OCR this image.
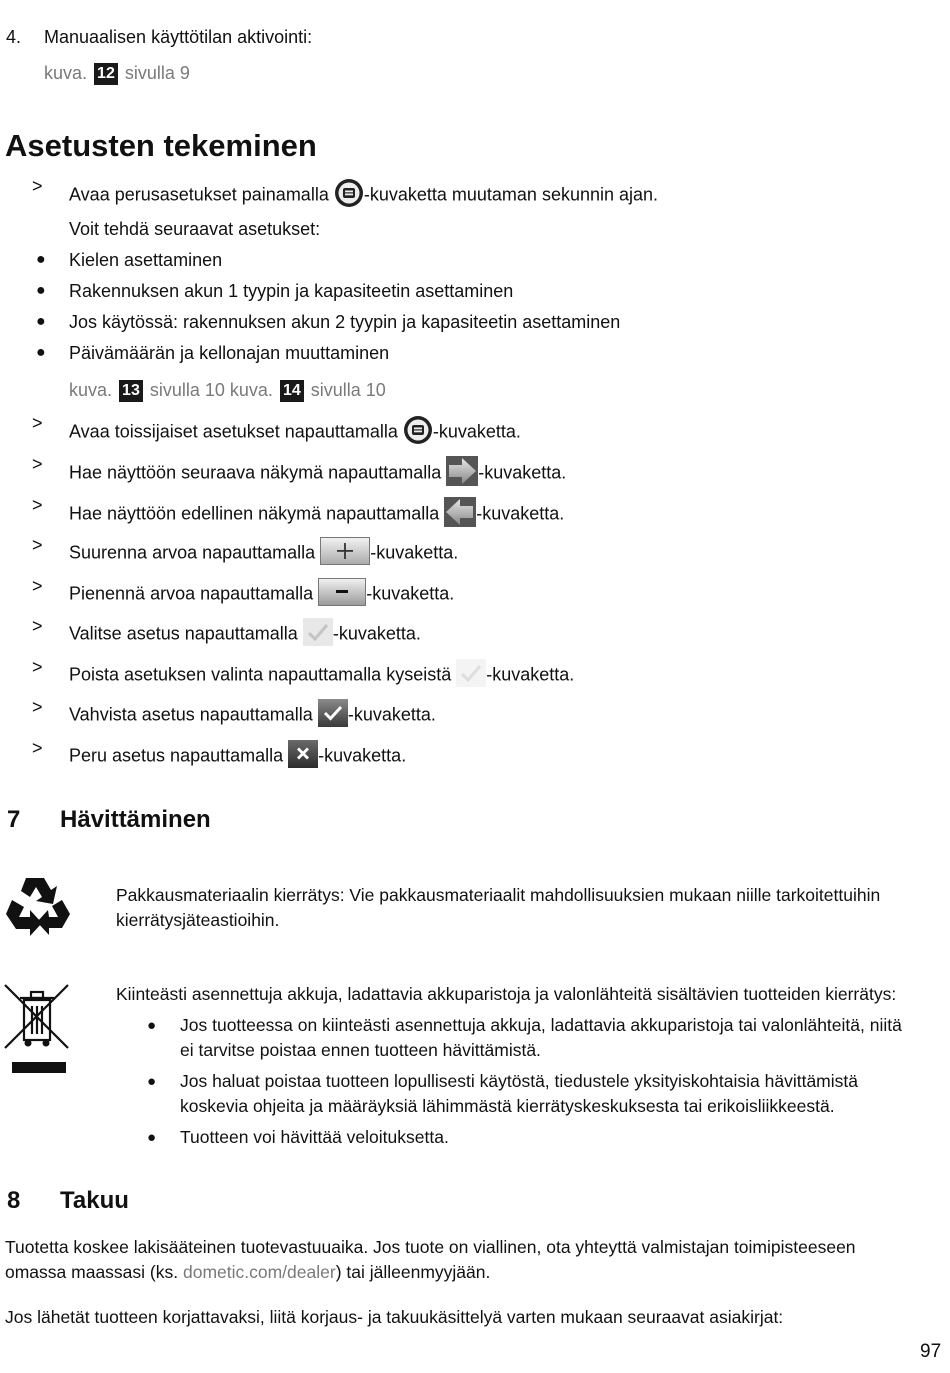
4. Manuaalisen käyttötilan aktivointi:
kuva. 12 sivulla 9
Asetusten tekeminen
> Avaa perusasetukset painamalla -kuvaketta muutaman sekunnin ajan.
Voit tehdä seuraavat asetukset:
● Kielen asettaminen
● Rakennuksen akun 1 tyypin ja kapasiteetin asettaminen
● Jos käytössä: rakennuksen akun 2 tyypin ja kapasiteetin asettaminen
● Päivämäärän ja kellonajan muuttaminen
kuva. 13 sivulla 10 kuva. 14 sivulla 10
> Avaa toissijaiset asetukset napauttamalla -kuvaketta.
> Hae näyttöön seuraava näkymä napauttamalla -kuvaketta.
> Hae näyttöön edellinen näkymä napauttamalla -kuvaketta.
> Suurenna arvoa napauttamalla	-kuvaketta.
> Pienennä arvoa napauttamalla	-kuvaketta.
> Valitse asetus napauttamalla -kuvaketta.
> Poista asetuksen valinta napauttamalla kyseistä -kuvaketta.
> Vahvista asetus napauttamalla -kuvaketta.
> Peru asetus napauttamalla -kuvaketta.
7 Hävittäminen
Pakkausmateriaalin kierrätys: Vie pakkausmateriaalit mahdollisuuksien mukaan niille tarkoitettuihin
kierrätysjäteastioihin.
Kiinteästi asennettuja akkuja, ladattavia akkuparistoja ja valonlähteitä sisältävien tuotteiden kierrätys:
● Jos tuotteessa on kiinteästi asennettuja akkuja, ladattavia akkuparistoja tai valonlähteitä, niitä
ei tarvitse poistaa ennen tuotteen hävittämistä.
● Jos haluat poistaa tuotteen lopullisesti käytöstä, tiedustele yksityiskohtaisia hävittämistä
koskevia ohjeita ja määräyksiä lähimmästä kierrätyskeskuksesta tai erikoisliikkeestä.
● Tuotteen voi hävittää veloituksetta.
8 Takuu
Tuotetta koskee lakisääteinen tuotevastuuaika. Jos tuote on viallinen, ota yhteyttä valmistajan toimipisteeseen
omassa maassasi (ks. dometic.com/dealer) tai jälleenmyyjään.
Jos lähetät tuotteen korjattavaksi, liitä korjaus- ja takuukäsittelyä varten mukaan seuraavat asiakirjat:
97
